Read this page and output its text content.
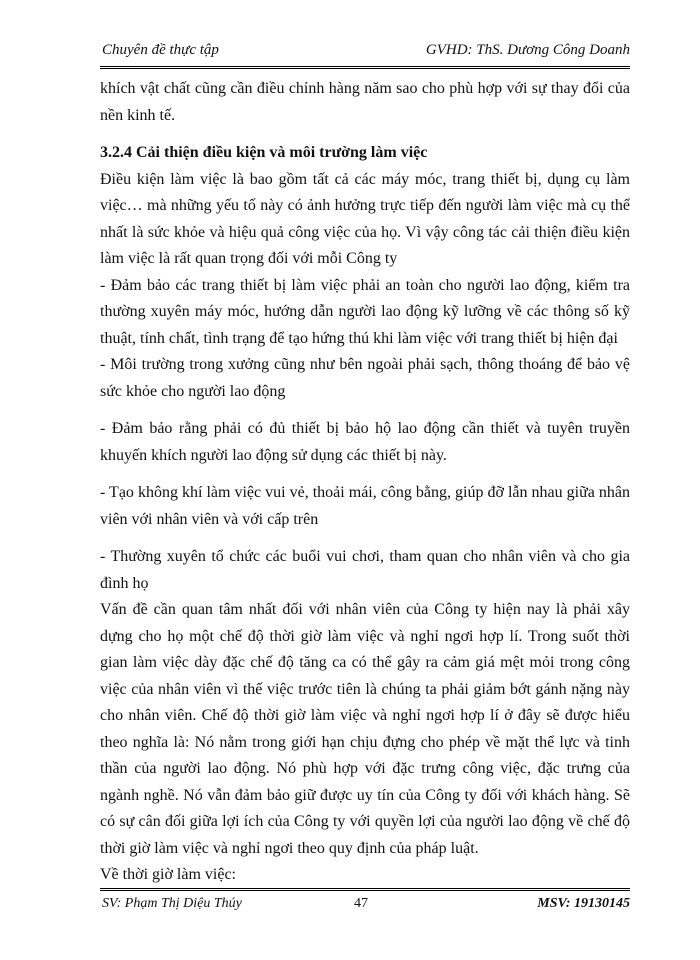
Chuyên đề thực tập	GVHD: ThS. Dương Công Doanh

khích vật chất cũng cần điều chỉnh hàng năm sao cho phù hợp với sự thay đổi của nền kinh tế.

3.2.4 Cải thiện điều kiện và môi trường làm việc

Điều kiện làm việc là bao gồm tất cả các máy móc, trang thiết bị, dụng cụ làm việc… mà những yếu tố này có ảnh hưởng trực tiếp đến người làm việc mà cụ thể nhất là sức khỏe và hiệu quả công việc của họ. Vì vậy công tác cải thiện điều kiện làm việc là rất quan trọng đối với mỗi Công ty

- Đảm bảo các trang thiết bị làm việc phải an toàn cho người lao động, kiểm tra thường xuyên máy móc, hướng dẫn người lao động kỹ lưỡng về các thông số kỹ thuật, tính chất, tình trạng để tạo hứng thú khi làm việc với trang thiết bị hiện đại

- Môi trường trong xưởng cũng như bên ngoài phải sạch, thông thoáng để bảo vệ sức khỏe cho người lao động

- Đảm bảo rằng phải có đủ thiết bị bảo hộ lao động cần thiết và tuyên truyền khuyến khích người lao động sử dụng các thiết bị này.

- Tạo không khí làm việc vui vẻ, thoải mái, công bằng, giúp đỡ lẫn nhau giữa nhân viên với nhân viên và với cấp trên

- Thường xuyên tổ chức các buổi vui chơi, tham quan cho nhân viên và cho gia đình họ

Vấn đề cần quan tâm nhất đối với nhân viên của Công ty hiện nay là phải xây dựng cho họ một chế độ thời giờ làm việc và nghỉ ngơi hợp lí. Trong suốt thời gian làm việc dày đặc chế độ tăng ca có thể gây ra cảm giá mệt mỏi trong công việc của nhân viên vì thế việc trước tiên là chúng ta phải giảm bớt gánh nặng này cho nhân viên. Chế độ thời giờ làm việc và nghỉ ngơi hợp lí ở đây sẽ được hiểu theo nghĩa là: Nó nằm trong giới hạn chịu đựng cho phép về mặt thể lực và tinh thần của người lao động. Nó phù hợp với đặc trưng công việc, đặc trưng của ngành nghề. Nó vẫn đảm bảo giữ được uy tín của Công ty đối với khách hàng. Sẽ có sự cân đối giữa lợi ích của Công ty với quyền lợi của người lao động về chế độ thời giờ làm việc và nghỉ ngơi theo quy định của pháp luật.

Về thời giờ làm việc:

SV: Phạm Thị Diệu Thúy	47	MSV: 19130145
